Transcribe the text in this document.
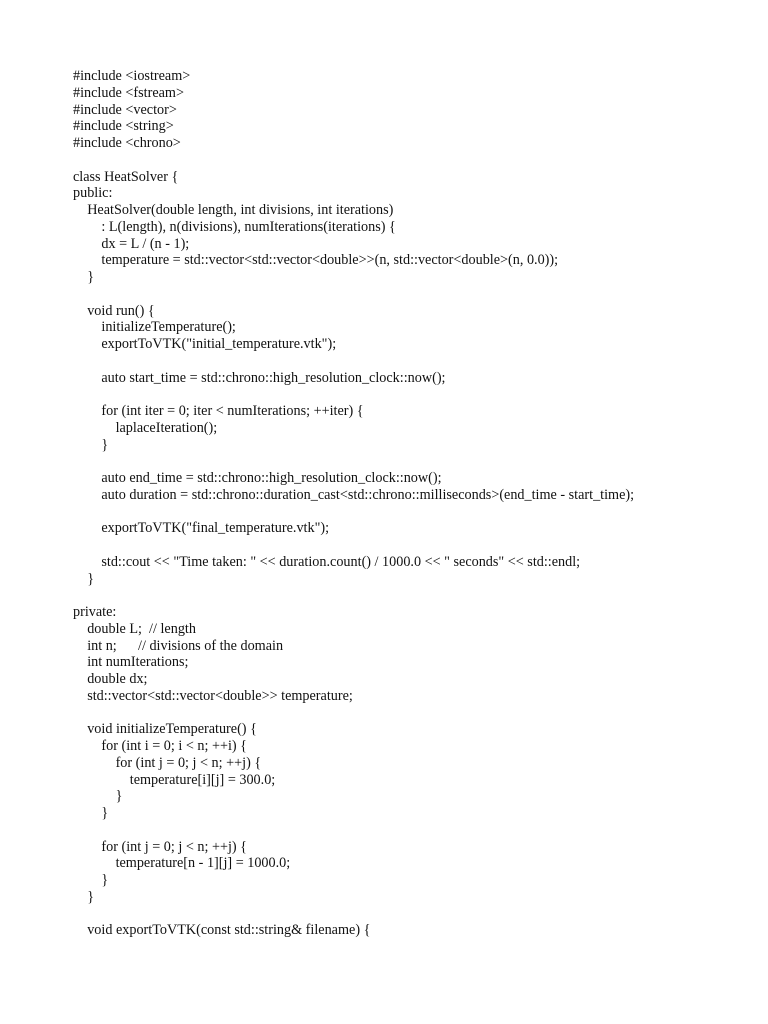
#include <iostream>
#include <fstream>
#include <vector>
#include <string>
#include <chrono>
class HeatSolver {
public:
HeatSolver(double length, int divisions, int iterations)
: L(length), n(divisions), numIterations(iterations) {
dx = L / (n - 1);
temperature = std::vector<std::vector<double>>(n, std::vector<double>(n, 0.0));
}
void run() {
initializeTemperature();
exportToVTK("initial_temperature.vtk");
auto start_time = std::chrono::high_resolution_clock::now();
for (int iter = 0; iter < numIterations; ++iter) {
laplaceIteration();
}
auto end_time = std::chrono::high_resolution_clock::now();
auto duration = std::chrono::duration_cast<std::chrono::milliseconds>(end_time - start_time);
exportToVTK("final_temperature.vtk");
std::cout << "Time taken: " << duration.count() / 1000.0 << " seconds" << std::endl;
}
private:
double L;  // length
int n;      // divisions of the domain
int numIterations;
double dx;
std::vector<std::vector<double>> temperature;
void initializeTemperature() {
for (int i = 0; i < n; ++i) {
for (int j = 0; j < n; ++j) {
temperature[i][j] = 300.0;
}
}
for (int j = 0; j < n; ++j) {
temperature[n - 1][j] = 1000.0;
}
}
void exportToVTK(const std::string& filename) {
